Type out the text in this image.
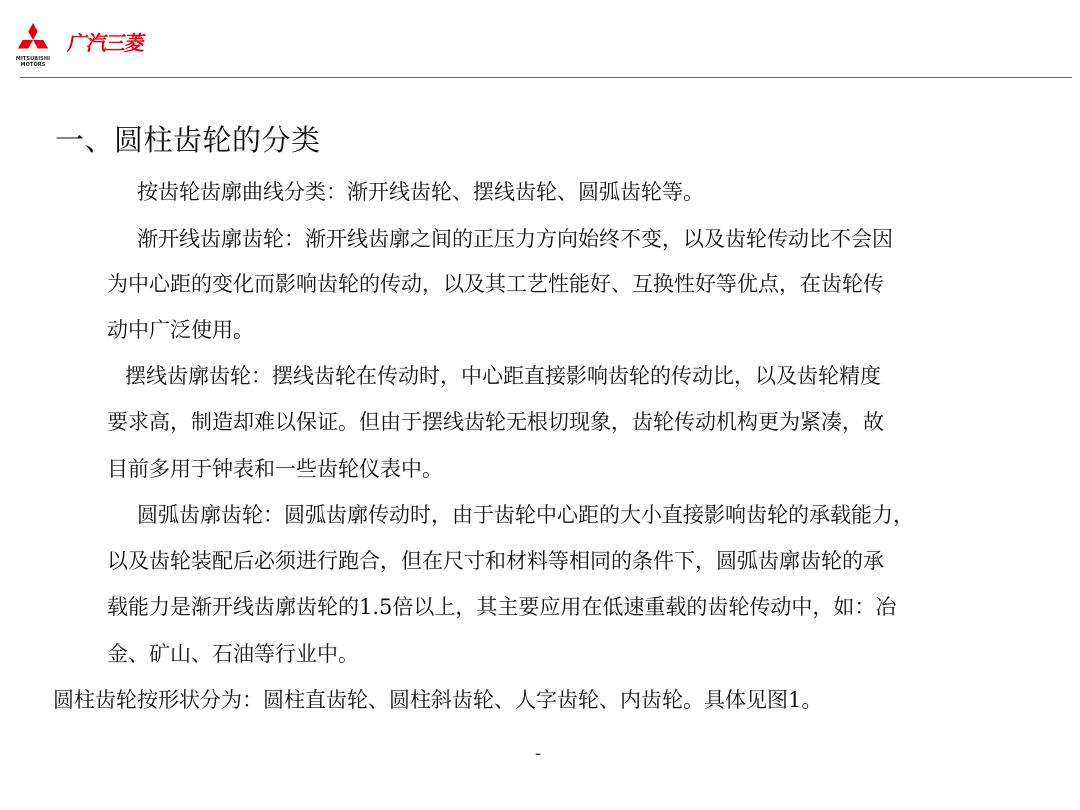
MITSUBISHI
MOTORS
广汽三菱
一、圆柱齿轮的分类
按齿轮齿廓曲线分类：渐开线齿轮、摆线齿轮、圆弧齿轮等。
渐开线齿廓齿轮：渐开线齿廓之间的正压力方向始终不变，以及齿轮传动比不会因
为中心距的变化而影响齿轮的传动，以及其工艺性能好、互换性好等优点，在齿轮传
动中广泛使用。
摆线齿廓齿轮：摆线齿轮在传动时，中心距直接影响齿轮的传动比，以及齿轮精度
要求高，制造却难以保证。但由于摆线齿轮无根切现象，齿轮传动机构更为紧凑，故
目前多用于钟表和一些齿轮仪表中。
圆弧齿廓齿轮：圆弧齿廓传动时，由于齿轮中心距的大小直接影响齿轮的承载能力，
以及齿轮装配后必须进行跑合，但在尺寸和材料等相同的条件下，圆弧齿廓齿轮的承
载能力是渐开线齿廓齿轮的1.5倍以上，其主要应用在低速重载的齿轮传动中，如：冶
金、矿山、石油等行业中。
圆柱齿轮按形状分为：圆柱直齿轮、圆柱斜齿轮、人字齿轮、内齿轮。具体见图1。
-
